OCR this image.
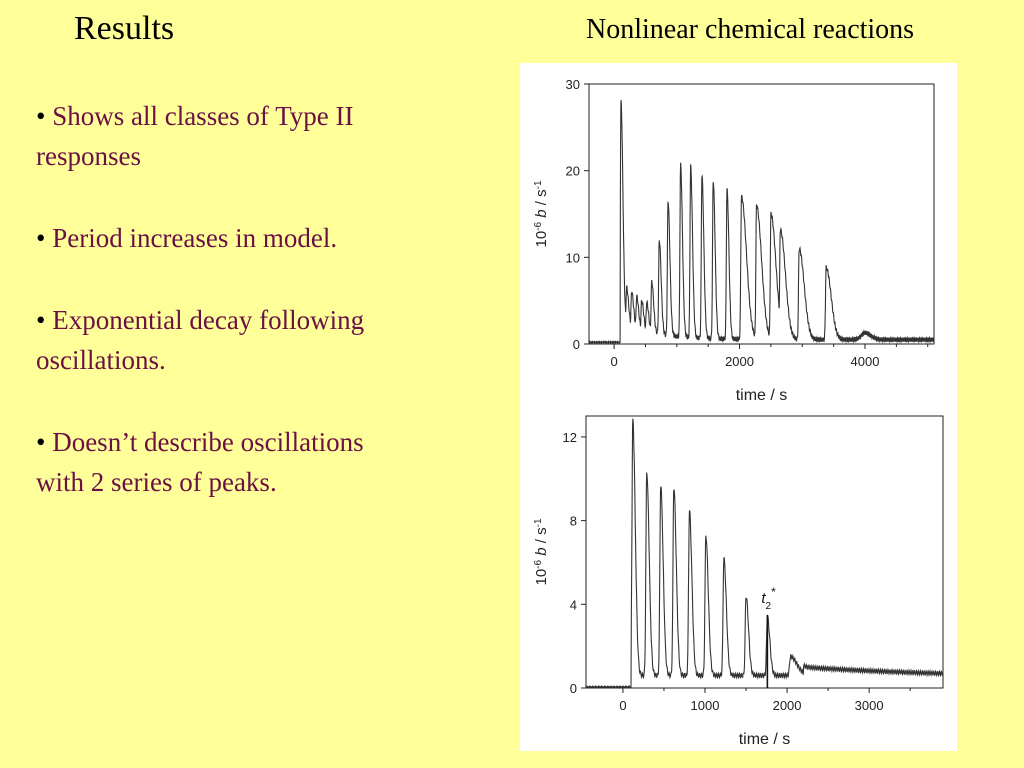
Results	Nonlinear chemical reactions
• Shows all classes of Type II
responses
• Period increases in model.
• Exponential decay following
oscillations.
• Doesn’t describe oscillations
with 2 series of peaks.
0	2000	4000
0
10
20
30
time / s
$10^{-6}$ b / $s^{-1}$
0	1000	2000	3000
0
4
8
12
time / s
$10^{-6}$ b / $s^{-1}$
$t_2^*$
